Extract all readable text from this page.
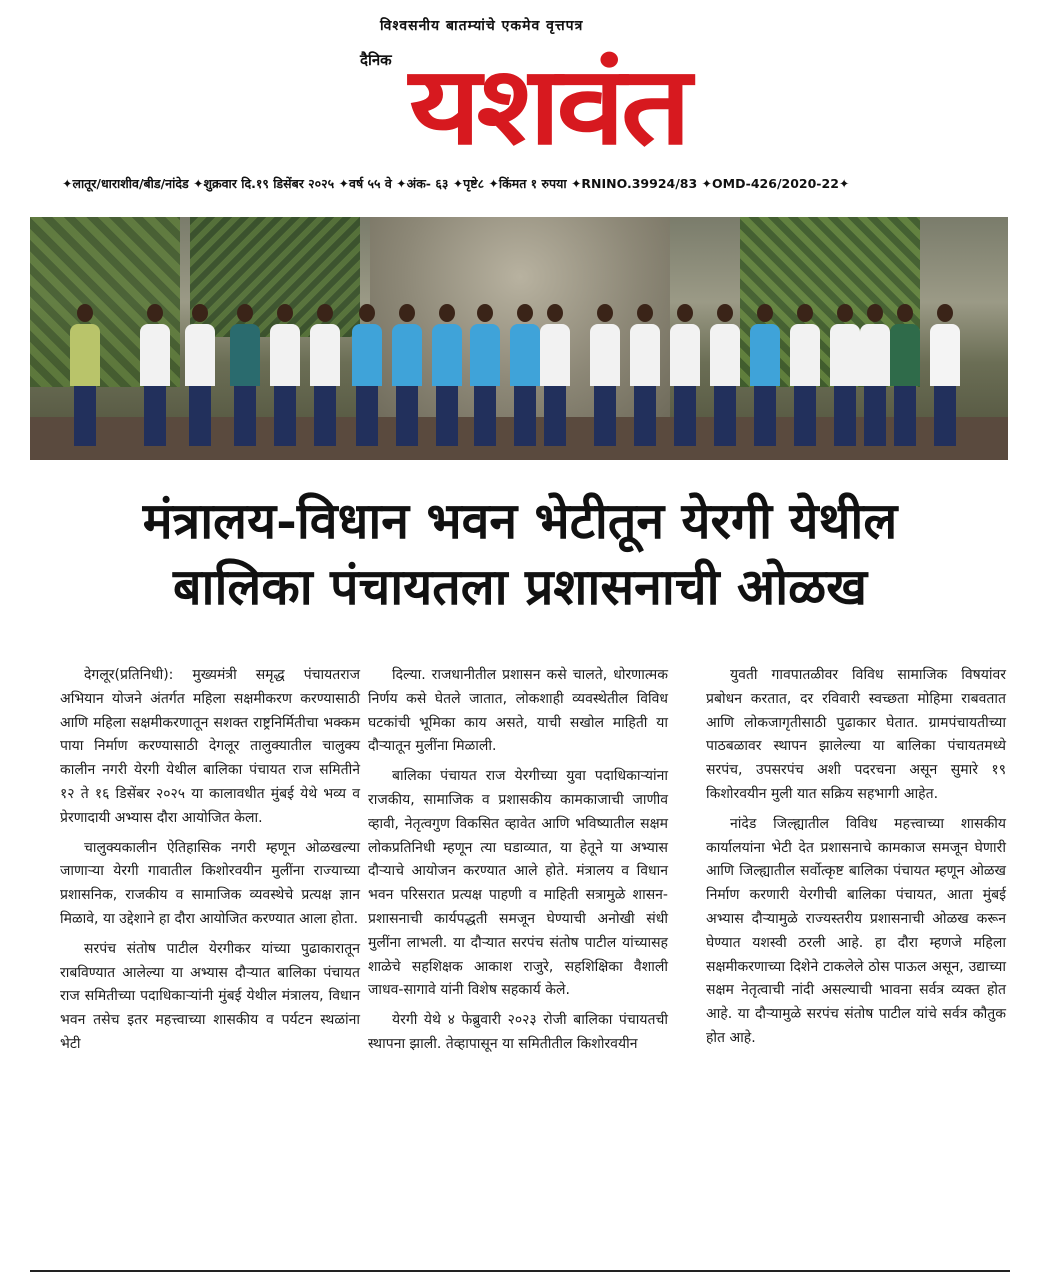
विश्वसनीय बातम्यांचे एकमेव वृत्तपत्र
दैनिक यशवंत
✦लातूर/धाराशीव/बीड/नांदेड ✦शुक्रवार दि.१९ डिसेंबर २०२५ ✦वर्ष ५५ वे ✦अंक- ६३ ✦पृष्टे८ ✦किंमत १ रुपया ✦RNINO.39924/83 ✦OMD-426/2020-22✦
मंत्रालय-विधान भवन भेटीतून येरगी येथील
बालिका पंचायतला प्रशासनाची ओळख

देगलूर(प्रतिनिधी): मुख्यमंत्री समृद्ध पंचायतराज अभियान योजने अंतर्गत महिला सक्षमीकरण करण्यासाठी आणि महिला सक्षमीकरणातून सशक्त राष्ट्रनिर्मितीचा भक्कम पाया निर्माण करण्यासाठी देगलूर तालुक्यातील चालुक्य कालीन नगरी येरगी येथील बालिका पंचायत राज समितीने १२ ते १६ डिसेंबर २०२५ या कालावधीत मुंबई येथे भव्य व प्रेरणादायी अभ्यास दौरा आयोजित केला.

चालुक्यकालीन ऐतिहासिक नगरी म्हणून ओळखल्या जाणाऱ्या येरगी गावातील किशोरवयीन मुलींना राज्याच्या प्रशासनिक, राजकीय व सामाजिक व्यवस्थेचे प्रत्यक्ष ज्ञान मिळावे, या उद्देशाने हा दौरा आयोजित करण्यात आला होता.

सरपंच संतोष पाटील येरगीकर यांच्या पुढाकारातून राबविण्यात आलेल्या या अभ्यास दौऱ्यात बालिका पंचायत राज समितीच्या पदाधिकाऱ्यांनी मुंबई येथील मंत्रालय, विधान भवन तसेच इतर महत्त्वाच्या शासकीय व पर्यटन स्थळांना भेटी

दिल्या. राजधानीतील प्रशासन कसे चालते, धोरणात्मक निर्णय कसे घेतले जातात, लोकशाही व्यवस्थेतील विविध घटकांची भूमिका काय असते, याची सखोल माहिती या दौऱ्यातून मुलींना मिळाली.

बालिका पंचायत राज येरगीच्या युवा पदाधिकाऱ्यांना राजकीय, सामाजिक व प्रशासकीय कामकाजाची जाणीव व्हावी, नेतृत्वगुण विकसित व्हावेत आणि भविष्यातील सक्षम लोकप्रतिनिधी म्हणून त्या घडाव्यात, या हेतूने या अभ्यास दौऱ्याचे आयोजन करण्यात आले होते. मंत्रालय व विधान भवन परिसरात प्रत्यक्ष पाहणी व माहिती सत्रामुळे शासन-प्रशासनाची कार्यपद्धती समजून घेण्याची अनोखी संधी मुलींना लाभली. या दौऱ्यात सरपंच संतोष पाटील यांच्यासह शाळेचे सहशिक्षक आकाश राजुरे, सहशिक्षिका वैशाली जाधव-सागावे यांनी विशेष सहकार्य केले.

येरगी येथे ४ फेब्रुवारी २०२३ रोजी बालिका पंचायतची स्थापना झाली. तेव्हापासून या समितीतील किशोरवयीन

युवती गावपातळीवर विविध सामाजिक विषयांवर प्रबोधन करतात, दर रविवारी स्वच्छता मोहिमा राबवतात आणि लोकजागृतीसाठी पुढाकार घेतात. ग्रामपंचायतीच्या पाठबळावर स्थापन झालेल्या या बालिका पंचायतमध्ये सरपंच, उपसरपंच अशी पदरचना असून सुमारे १९ किशोरवयीन मुली यात सक्रिय सहभागी आहेत.

नांदेड जिल्ह्यातील विविध महत्त्वाच्या शासकीय कार्यालयांना भेटी देत प्रशासनाचे कामकाज समजून घेणारी आणि जिल्ह्यातील सर्वोत्कृष्ट बालिका पंचायत म्हणून ओळख निर्माण करणारी येरगीची बालिका पंचायत, आता मुंबई अभ्यास दौऱ्यामुळे राज्यस्तरीय प्रशासनाची ओळख करून घेण्यात यशस्वी ठरली आहे. हा दौरा म्हणजे महिला सक्षमीकरणाच्या दिशेने टाकलेले ठोस पाऊल असून, उद्याच्या सक्षम नेतृत्वाची नांदी असल्याची भावना सर्वत्र व्यक्त होत आहे. या दौऱ्यामुळे सरपंच संतोष पाटील यांचे सर्वत्र कौतुक होत आहे.
